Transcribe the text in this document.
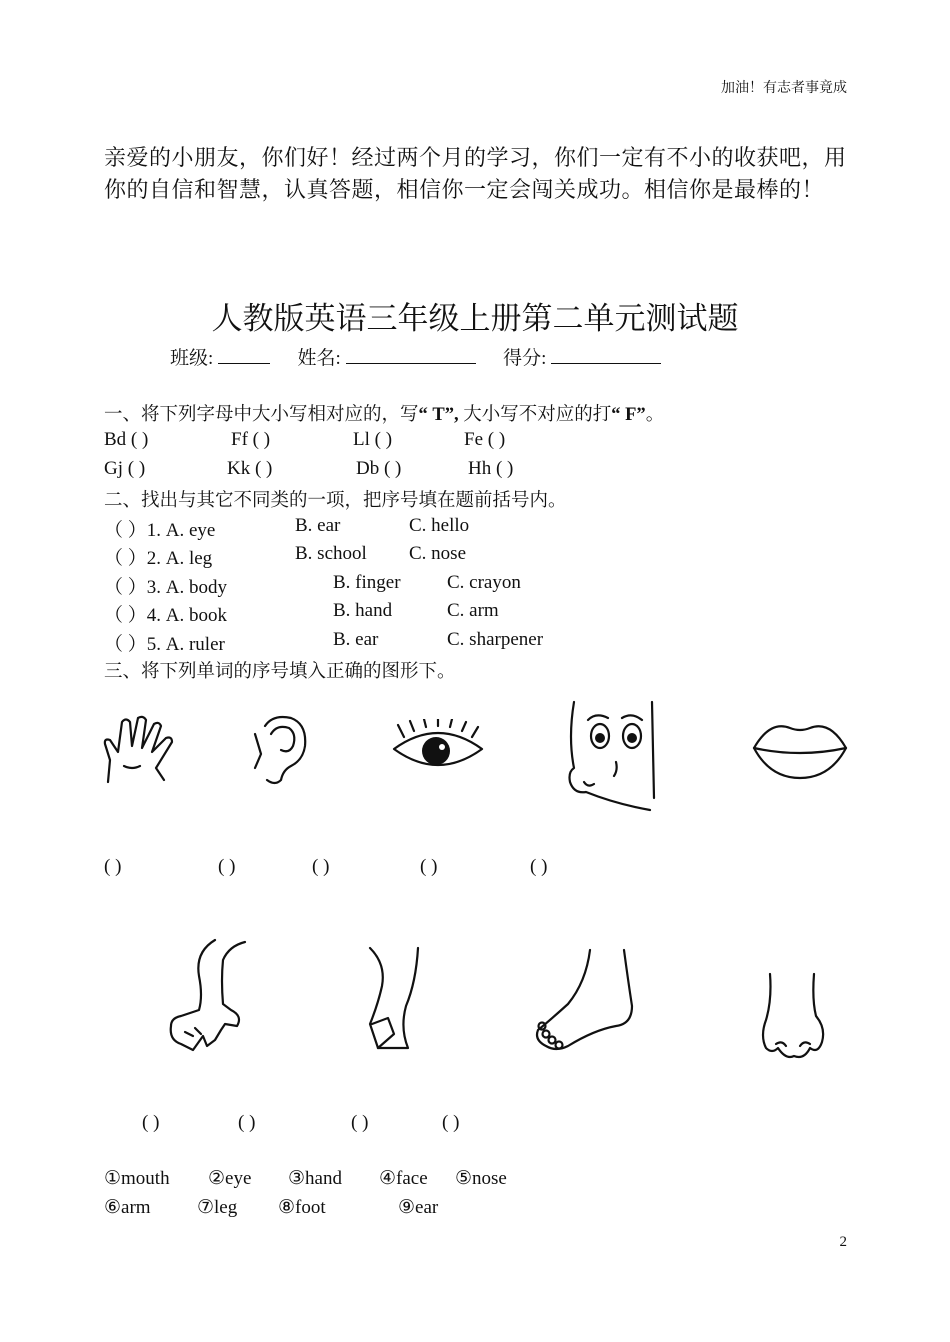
加油！有志者事竟成
亲爱的小朋友，你们好！经过两个月的学习，你们一定有不小的收获吧，用你的自信和智慧，认真答题，相信你一定会闯关成功。相信你是最棒的！
人教版英语三年级上册第二单元测试题
班级:	姓名:	得分:
一、将下列字母中大小写相对应的，写“ T”, 大小写不对应的打“ F”。
Bd ( )	Ff ( )	Ll ( )	Fe ( )
Gj ( )	Kk ( )	Db ( )	Hh ( )
二、找出与其它不同类的一项，把序号填在题前括号内。
（ ）1. A. eye	B. ear	C. hello
（ ）2. A. leg	B. school C. nose
（ ）3. A. body	B. finger C. crayon
（ ）4. A. book	B. hand	C. arm
（ ）5. A. ruler	B. ear	C. sharpener
三、将下列单词的序号填入正确的图形下。
( )	( )	( )	( )	( )
( )	( )	( )	( )
①mouth ②eye ③hand ④face ⑤nose
⑥arm ⑦leg ⑧foot	⑨ear
2
